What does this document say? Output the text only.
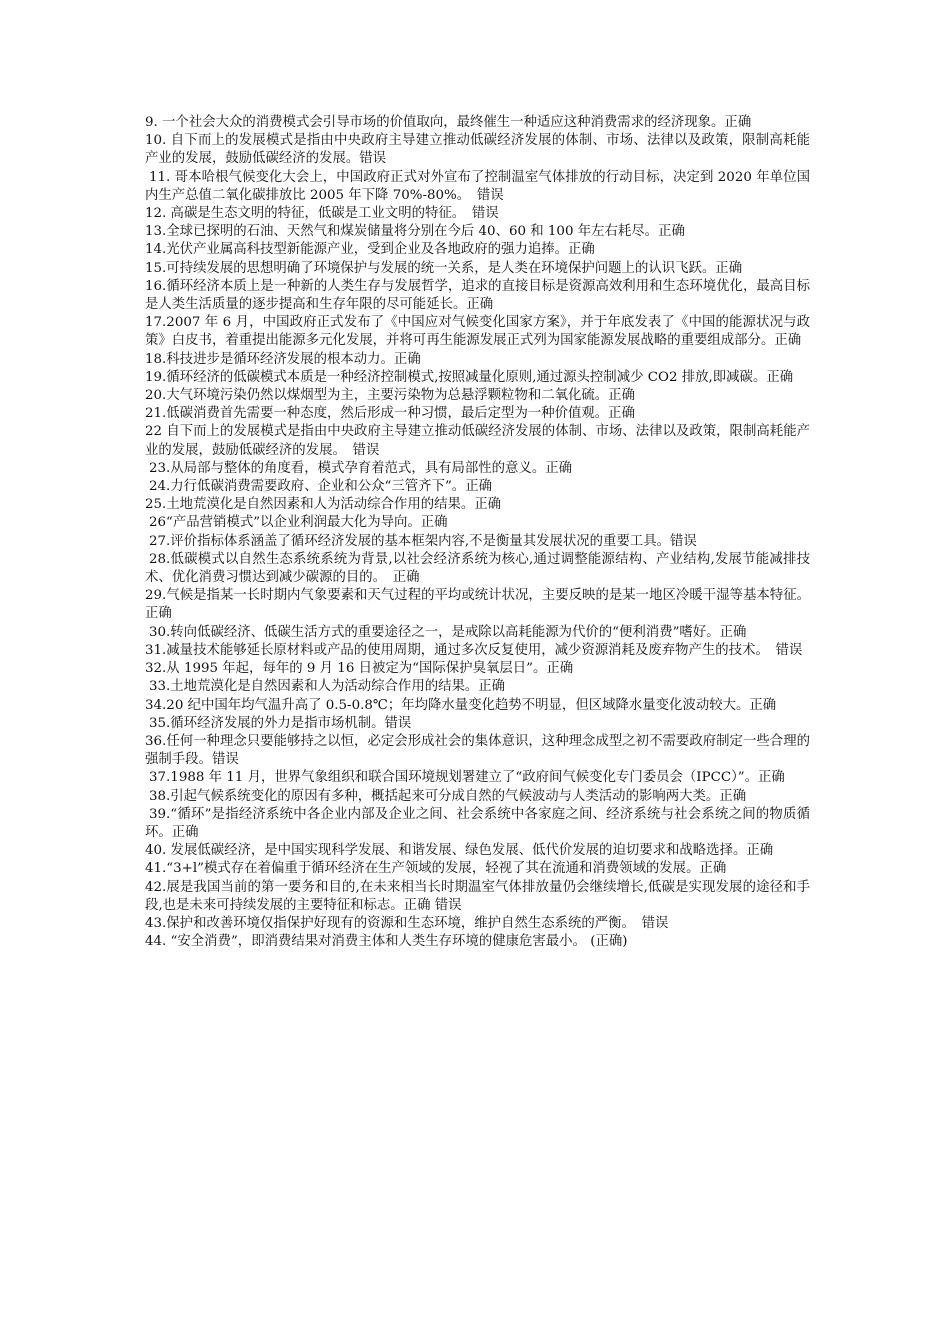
9. 一个社会大众的消费模式会引导市场的价值取向，最终催生一种适应这种消费需求的经济现象。正确

10. 自下而上的发展模式是指由中央政府主导建立推动低碳经济发展的体制、市场、法律以及政策，限制高耗能产业的发展，鼓励低碳经济的发展。错误

11. 哥本哈根气候变化大会上，中国政府正式对外宣布了控制温室气体排放的行动目标，决定到 2020 年单位国内生产总值二氧化碳排放比 2005 年下降 70%-80%。　错误

12. 高碳是生态文明的特征，低碳是工业文明的特征。　错误

13.全球已探明的石油、天然气和煤炭储量将分别在今后 40、60 和 100 年左右耗尽。正确

14.光伏产业属高科技型新能源产业，受到企业及各地政府的强力追捧。正确

15.可持续发展的思想明确了环境保护与发展的统一关系，是人类在环境保护问题上的认识飞跃。正确

16.循环经济本质上是一种新的人类生存与发展哲学，追求的直接目标是资源高效利用和生态环境优化，最高目标是人类生活质量的逐步提高和生存年限的尽可能延长。正确

17.2007 年 6 月，中国政府正式发布了《中国应对气候变化国家方案》，并于年底发表了《中国的能源状况与政策》白皮书，着重提出能源多元化发展，并将可再生能源发展正式列为国家能源发展战略的重要组成部分。正确

18.科技进步是循环经济发展的根本动力。正确

19.循环经济的低碳模式本质是一种经济控制模式,按照减量化原则,通过源头控制减少 CO2 排放,即减碳。正确

20.大气环境污染仍然以煤烟型为主，主要污染物为总悬浮颗粒物和二氧化硫。正确

21.低碳消费首先需要一种态度，然后形成一种习惯，最后定型为一种价值观。正确

22 自下而上的发展模式是指由中央政府主导建立推动低碳经济发展的体制、市场、法律以及政策，限制高耗能产业的发展，鼓励低碳经济的发展。　错误

23.从局部与整体的角度看，模式孕育着范式，具有局部性的意义。正确

24.力行低碳消费需要政府、企业和公众“三管齐下”。正确

25.土地荒漠化是自然因素和人为活动综合作用的结果。正确

26“产品营销模式”以企业利润最大化为导向。正确

27.评价指标体系涵盖了循环经济发展的基本框架内容,不是衡量其发展状况的重要工具。错误

28.低碳模式以自然生态系统系统为背景,以社会经济系统为核心,通过调整能源结构、产业结构,发展节能减排技术、优化消费习惯达到减少碳源的目的。　正确

29.气候是指某一长时期内气象要素和天气过程的平均或统计状况，主要反映的是某一地区冷暖干湿等基本特征。正确

30.转向低碳经济、低碳生活方式的重要途径之一，是戒除以高耗能源为代价的“便利消费”嗜好。正确

31.减量技术能够延长原材料或产品的使用周期，通过多次反复使用，减少资源消耗及废弃物产生的技术。　错误

32.从 1995 年起，每年的 9 月 16 日被定为“国际保护臭氧层日”。正确

33.土地荒漠化是自然因素和人为活动综合作用的结果。正确

34.20 纪中国年均气温升高了 0.5-0.8℃；年均降水量变化趋势不明显，但区域降水量变化波动较大。正确

35.循环经济发展的外力是指市场机制。错误

36.任何一种理念只要能够持之以恒，必定会形成社会的集体意识，这种理念成型之初不需要政府制定一些合理的强制手段。错误

37.1988 年 11 月，世界气象组织和联合国环境规划署建立了“政府间气候变化专门委员会（IPCC）”。正确

38.引起气候系统变化的原因有多种，概括起来可分成自然的气候波动与人类活动的影响两大类。正确

39.“循环”是指经济系统中各企业内部及企业之间、社会系统中各家庭之间、经济系统与社会系统之间的物质循环。正确

40. 发展低碳经济，是中国实现科学发展、和谐发展、绿色发展、低代价发展的迫切要求和战略选择。正确

41.“3+l”模式存在着偏重于循环经济在生产领域的发展，轻视了其在流通和消费领域的发展。正确

42.展是我国当前的第一要务和目的,在未来相当长时期温室气体排放量仍会继续增长,低碳是实现发展的途径和手段,也是未来可持续发展的主要特征和标志。正确 错误

43.保护和改善环境仅指保护好现有的资源和生态环境，维护自然生态系统的严衡。　错误

44. “安全消费”，即消费结果对消费主体和人类生存环境的健康危害最小。 (正确)
